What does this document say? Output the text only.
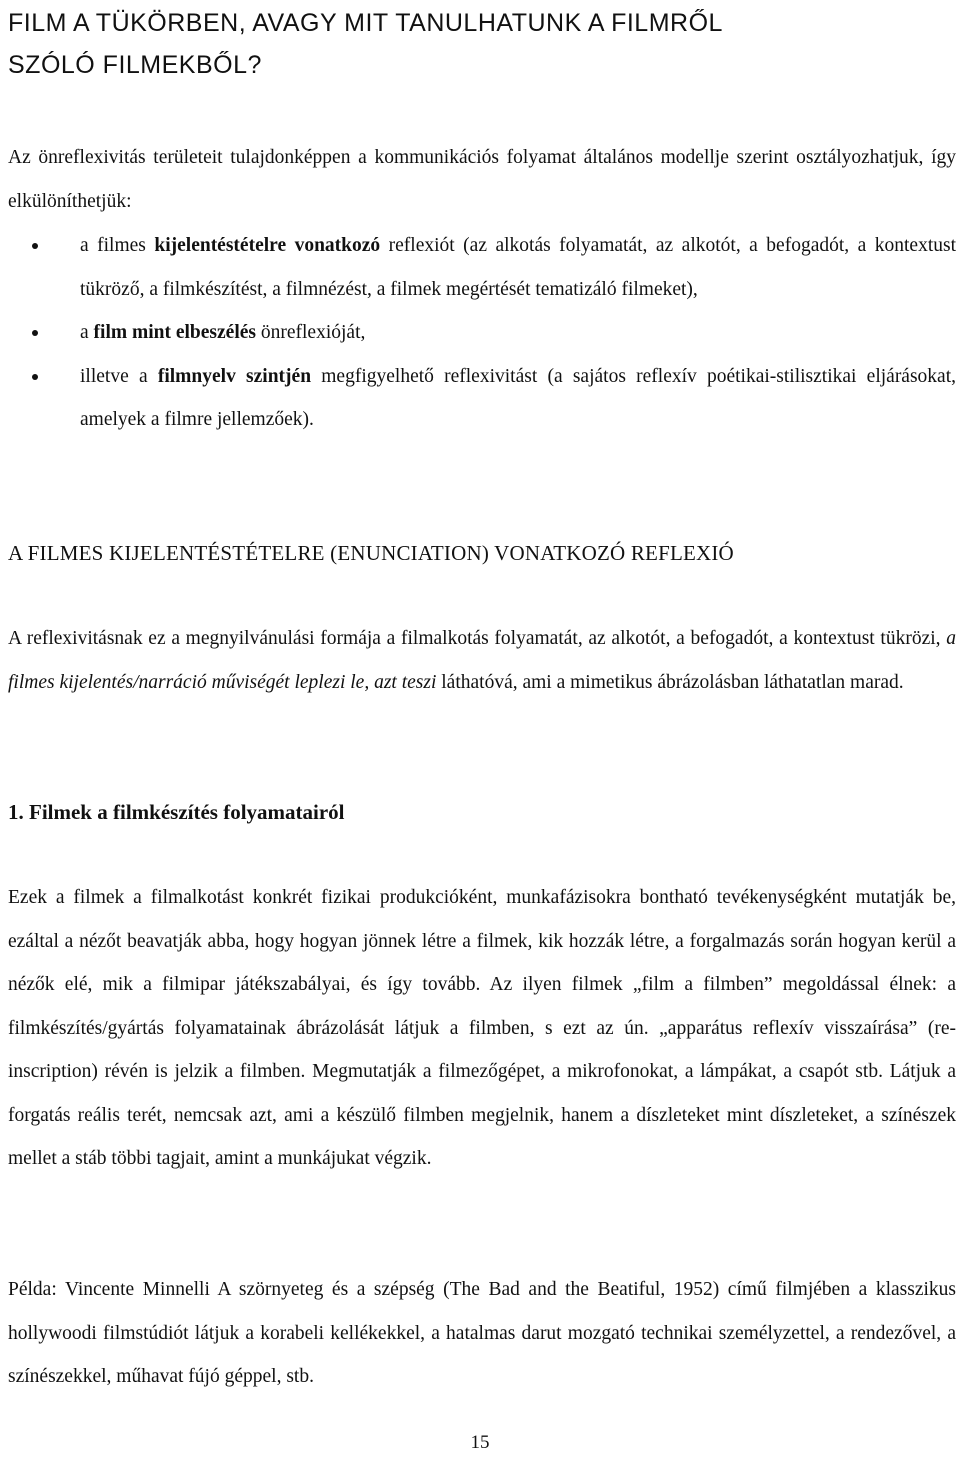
FILM A TÜKÖRBEN, AVAGY MIT TANULHATUNK A FILMRŐL
SZÓLÓ FILMEKBŐL?

Az önreflexivitás területeit tulajdonképpen a kommunikációs folyamat általános modellje szerint osztályozhatjuk, így elkülöníthetjük:

a filmes kijelentéstételre vonatkozó reflexiót (az alkotás folyamatát, az alkotót, a befogadót, a kontextust tükröző, a filmkészítést, a filmnézést, a filmek megértését tematizáló filmeket),
a film mint elbeszélés önreflexióját,
illetve a filmnyelv szintjén megfigyelhető reflexivitást (a sajátos reflexív poétikai-stilisztikai eljárásokat, amelyek a filmre jellemzőek).
A FILMES KIJELENTÉSTÉTELRE (ENUNCIATION) VONATKOZÓ REFLEXIÓ

A reflexivitásnak ez a megnyilvánulási formája a filmalkotás folyamatát, az alkotót, a befogadót, a kontextust tükrözi, a filmes kijelentés/narráció műviségét leplezi le, azt teszi láthatóvá, ami a mimetikus ábrázolásban láthatatlan marad.

1. Filmek a filmkészítés folyamatairól

Ezek a filmek a filmalkotást konkrét fizikai produkcióként, munkafázisokra bontható tevékenységként mutatják be, ezáltal a nézőt beavatják abba, hogy hogyan jönnek létre a filmek, kik hozzák létre, a forgalmazás során hogyan kerül a nézők elé, mik a filmipar játékszabályai, és így tovább. Az ilyen filmek „film a filmben” megoldással élnek: a filmkészítés/gyártás folyamatainak ábrázolását látjuk a filmben, s ezt az ún. „apparátus reflexív visszaírása” (re-inscription) révén is jelzik a filmben. Megmutatják a filmezőgépet, a mikrofonokat, a lámpákat, a csapót stb. Látjuk a forgatás reális terét, nemcsak azt, ami a készülő filmben megjelnik, hanem a díszleteket mint díszleteket, a színészek mellet a stáb többi tagjait, amint a munkájukat végzik.

Példa: Vincente Minnelli A szörnyeteg és a szépség (The Bad and the Beatiful, 1952) című filmjében a klasszikus hollywoodi filmstúdiót látjuk a korabeli kellékekkel, a hatalmas darut mozgató technikai személyzettel, a rendezővel, a színészekkel, műhavat fújó géppel, stb.

15
